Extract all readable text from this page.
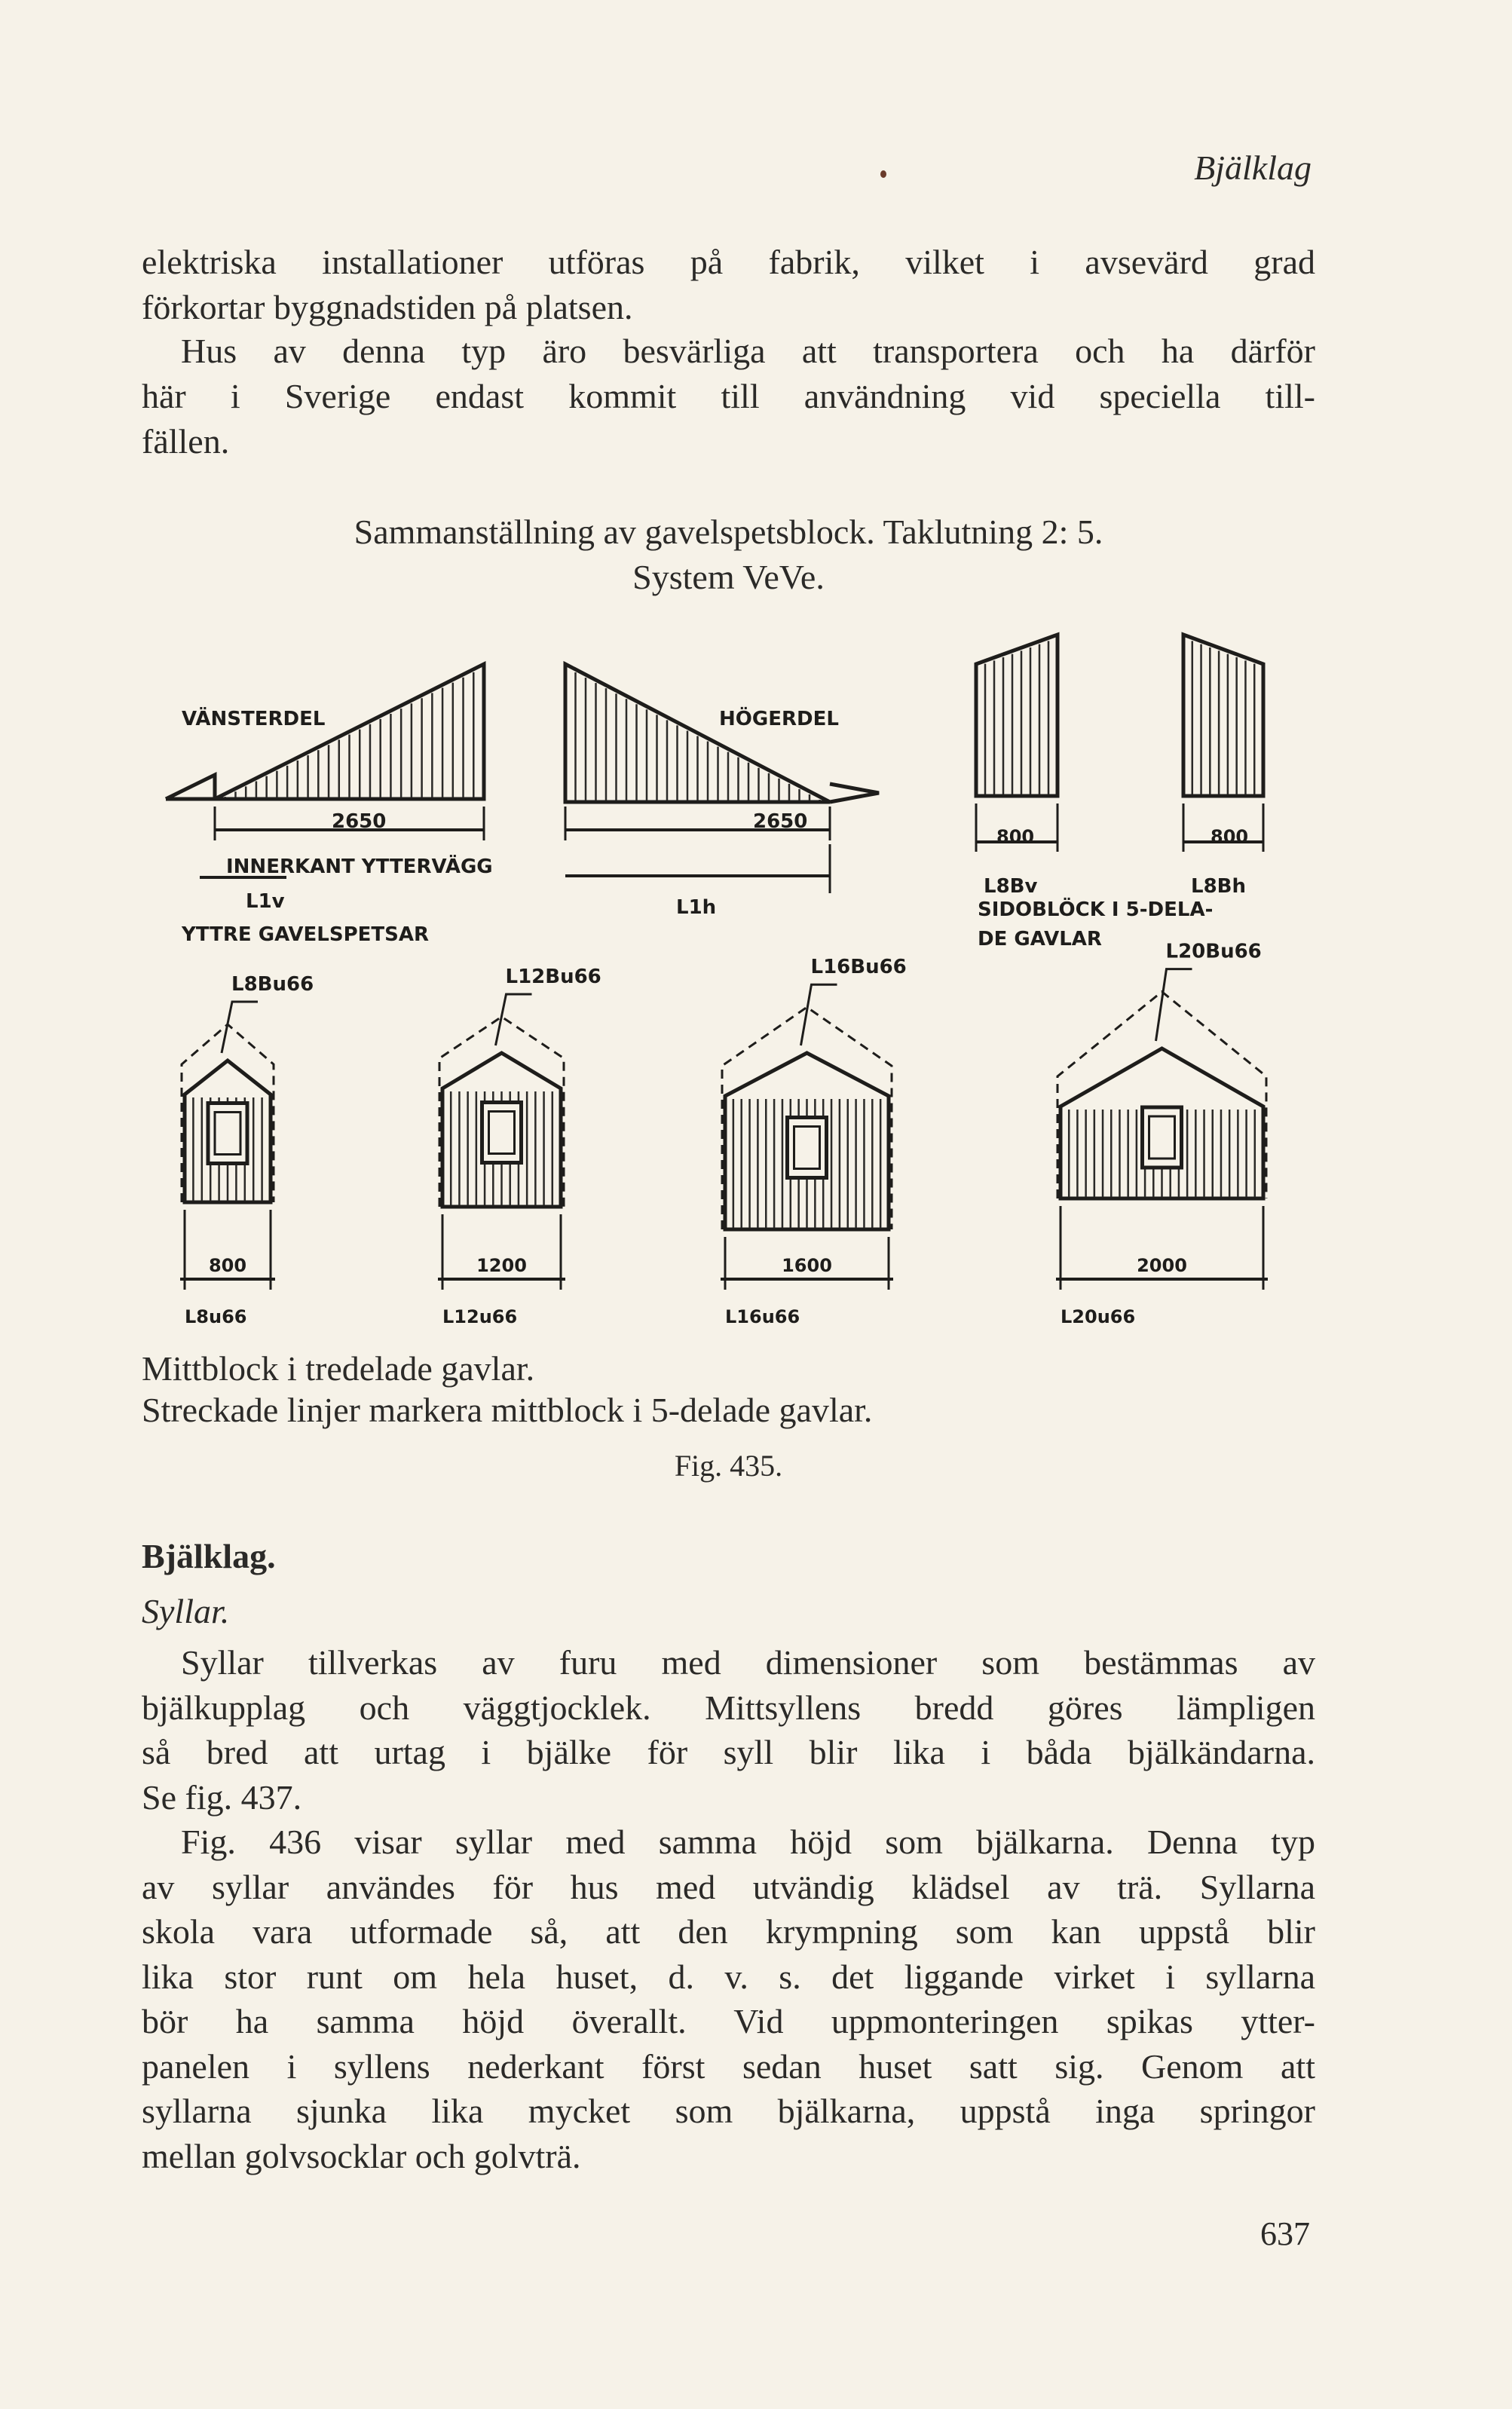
Bjälklag
elektriska installationer utföras på fabrik, vilket i avsevärd grad
förkortar byggnadstiden på platsen.
Hus av denna typ äro besvärliga att transportera och ha därför
här i Sverige endast kommit till användning vid speciella till-
fällen.
Sammanställning av gavelspetsblock. Taklutning 2: 5.
System VeVe.
Mittblock i tredelade gavlar.
Streckade linjer markera mittblock i 5-delade gavlar.
Fig. 435.
Bjälklag.
Syllar.
Syllar tillverkas av furu med dimensioner som bestämmas av
bjälkupplag och väggtjocklek. Mittsyllens bredd göres lämpligen
så bred att urtag i bjälke för syll blir lika i båda bjälkändarna.
Se fig. 437.
Fig. 436 visar syllar med samma höjd som bjälkarna. Denna typ
av syllar användes för hus med utvändig klädsel av trä. Syllarna
skola vara utformade så, att den krympning som kan uppstå blir
lika stor runt om hela huset, d. v. s. det liggande virket i syllarna
bör ha samma höjd överallt. Vid uppmonteringen spikas ytter-
panelen i syllens nederkant först sedan huset satt sig. Genom att
syllarna sjunka lika mycket som bjälkarna, uppstå inga springor
mellan golvsocklar och golvträ.
L8Bu66
800
L8u66
L12Bu66
1200
L12u66
L16Bu66
1600
L16u66
L20Bu66
2000
L20u66
VÄNSTERDEL	HÖGERDEL
2650	2650
INNERKANT YTTERVÄGG
L1v	L1h
YTTRE GAVELSPETSAR
800	800
L8Bv	L8Bh
SIDOBLÖCK I 5-DELA-
DE GAVLAR
637
